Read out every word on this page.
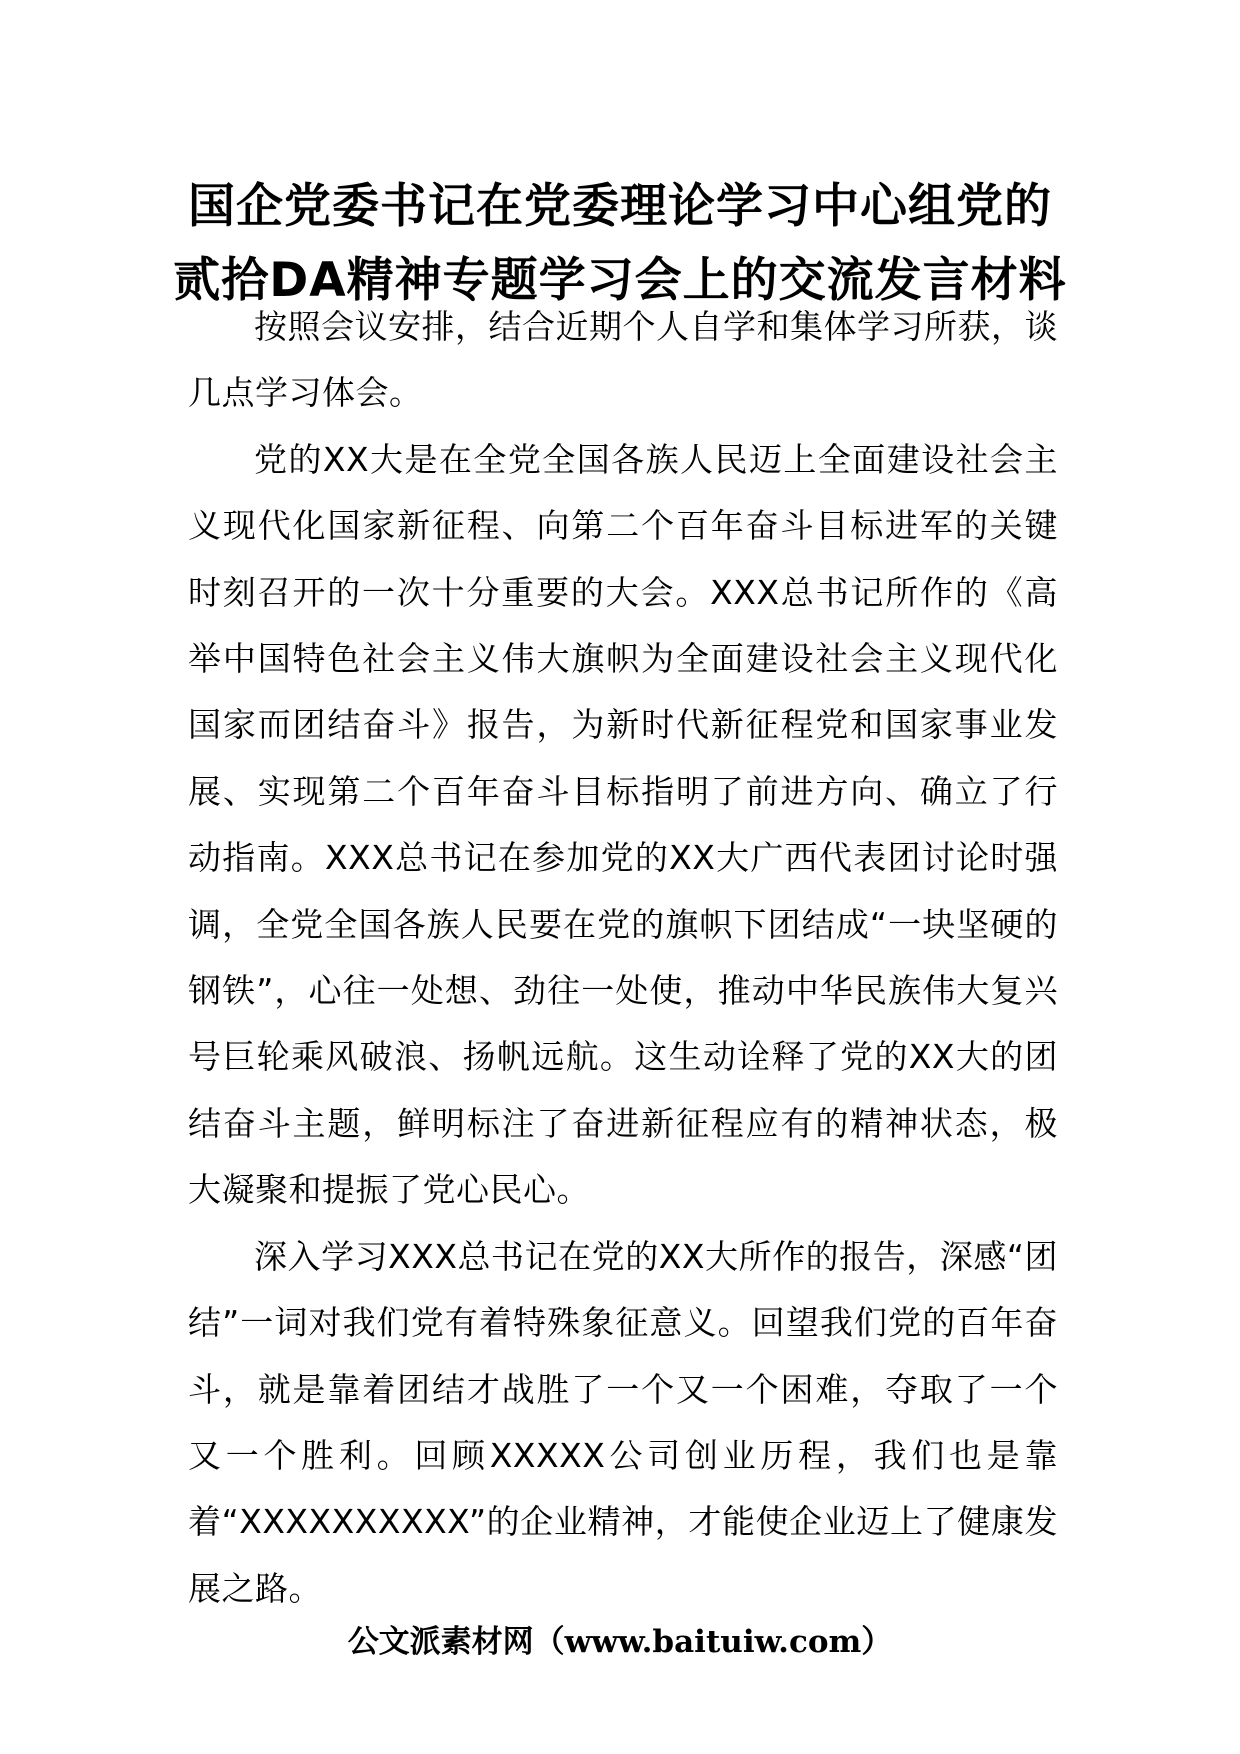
国企党委书记在党委理论学习中心组党的
贰拾DA精神专题学习会上的交流发言材料

按照会议安排，结合近期个人自学和集体学习所获，谈几点学习体会。

党的XX大是在全党全国各族人民迈上全面建设社会主义现代化国家新征程、向第二个百年奋斗目标进军的关键时刻召开的一次十分重要的大会。XXX总书记所作的《高举中国特色社会主义伟大旗帜为全面建设社会主义现代化国家而团结奋斗》报告，为新时代新征程党和国家事业发展、实现第二个百年奋斗目标指明了前进方向、确立了行动指南。XXX总书记在参加党的XX大广西代表团讨论时强调，全党全国各族人民要在党的旗帜下团结成“一块坚硬的钢铁”，心往一处想、劲往一处使，推动中华民族伟大复兴号巨轮乘风破浪、扬帆远航。这生动诠释了党的XX大的团结奋斗主题，鲜明标注了奋进新征程应有的精神状态，极大凝聚和提振了党心民心。

深入学习XXX总书记在党的XX大所作的报告，深感“团结”一词对我们党有着特殊象征意义。回望我们党的百年奋斗，就是靠着团结才战胜了一个又一个困难，夺取了一个又一个胜利。回顾XXXXX公司创业历程，我们也是靠着“XXXXXXXXXX”的企业精神，才能使企业迈上了健康发展之路。

公文派素材网（www.baituiw.com）
